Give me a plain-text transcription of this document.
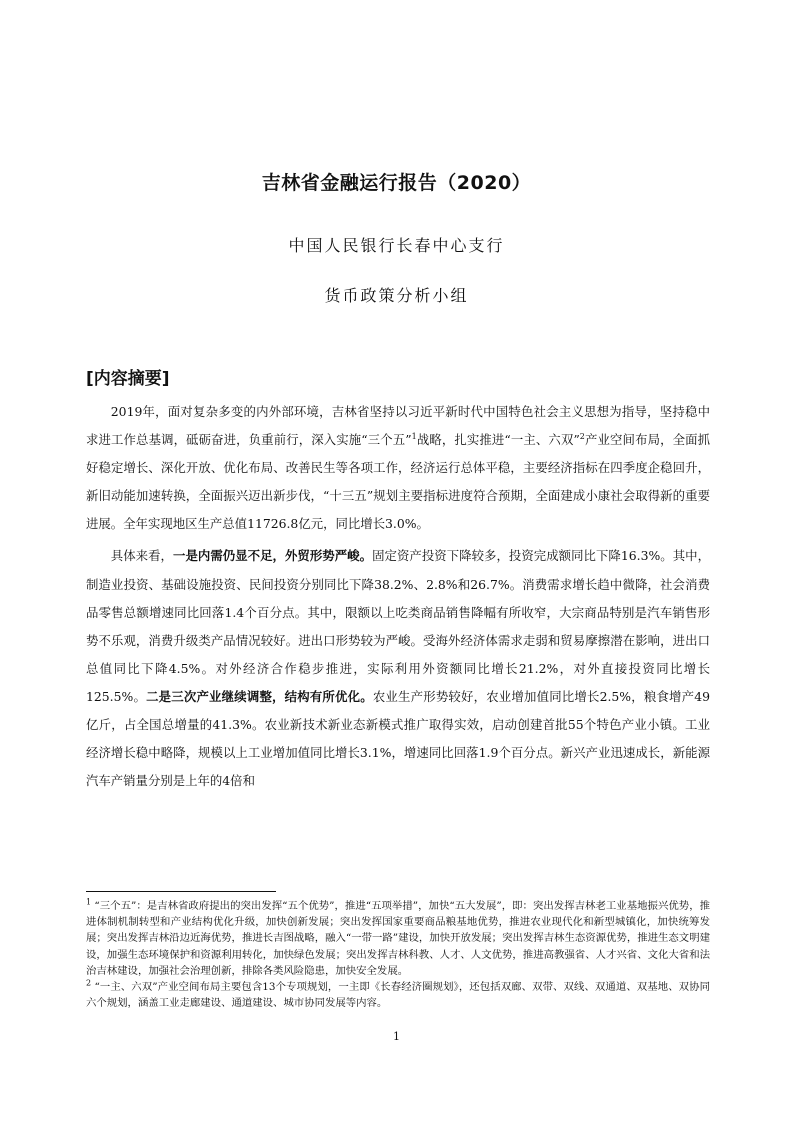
吉林省金融运行报告（2020）
中国人民银行长春中心支行
货币政策分析小组
[内容摘要]

2019年，面对复杂多变的内外部环境，吉林省坚持以习近平新时代中国特色社会主义思想为指导，坚持稳中求进工作总基调，砥砺奋进，负重前行，深入实施“三个五”$^1$战略，扎实推进“一主、六双”$^2$产业空间布局，全面抓好稳定增长、深化开放、优化布局、改善民生等各项工作，经济运行总体平稳，主要经济指标在四季度企稳回升，新旧动能加速转换，全面振兴迈出新步伐，“十三五”规划主要指标进度符合预期，全面建成小康社会取得新的重要进展。全年实现地区生产总值11726.8亿元，同比增长3.0%。

具体来看，一是内需仍显不足，外贸形势严峻。固定资产投资下降较多，投资完成额同比下降16.3%。其中，制造业投资、基础设施投资、民间投资分别同比下降38.2%、2.8%和26.7%。消费需求增长趋中微降，社会消费品零售总额增速同比回落1.4个百分点。其中，限额以上吃类商品销售降幅有所收窄，大宗商品特别是汽车销售形势不乐观，消费升级类产品情况较好。进出口形势较为严峻。受海外经济体需求走弱和贸易摩擦潜在影响，进出口总值同比下降4.5%。对外经济合作稳步推进，实际利用外资额同比增长21.2%，对外直接投资同比增长125.5%。二是三次产业继续调整，结构有所优化。农业生产形势较好，农业增加值同比增长2.5%，粮食增产49亿斤，占全国总增量的41.3%。农业新技术新业态新模式推广取得实效，启动创建首批55个特色产业小镇。工业经济增长稳中略降，规模以上工业增加值同比增长3.1%，增速同比回落1.9个百分点。新兴产业迅速成长，新能源汽车产销量分别是上年的4倍和

$^1$ “三个五”：是吉林省政府提出的突出发挥“五个优势”，推进“五项举措”，加快“五大发展”，即：突出发挥吉林老工业基地振兴优势，推进体制机制转型和产业结构优化升级，加快创新发展；突出发挥国家重要商品粮基地优势，推进农业现代化和新型城镇化，加快统筹发展；突出发挥吉林沿边近海优势，推进长吉图战略，融入“一带一路”建设，加快开放发展；突出发挥吉林生态资源优势，推进生态文明建设，加强生态环境保护和资源利用转化，加快绿色发展；突出发挥吉林科教、人才、人文优势，推进高教强省、人才兴省、文化大省和法治吉林建设，加强社会治理创新，排除各类风险隐患，加快安全发展。

$^2$ “一主、六双”产业空间布局主要包含13个专项规划，一主即《长春经济圈规划》，还包括双廊、双带、双线、双通道、双基地、双协同六个规划，涵盖工业走廊建设、通道建设、城市协同发展等内容。

1
